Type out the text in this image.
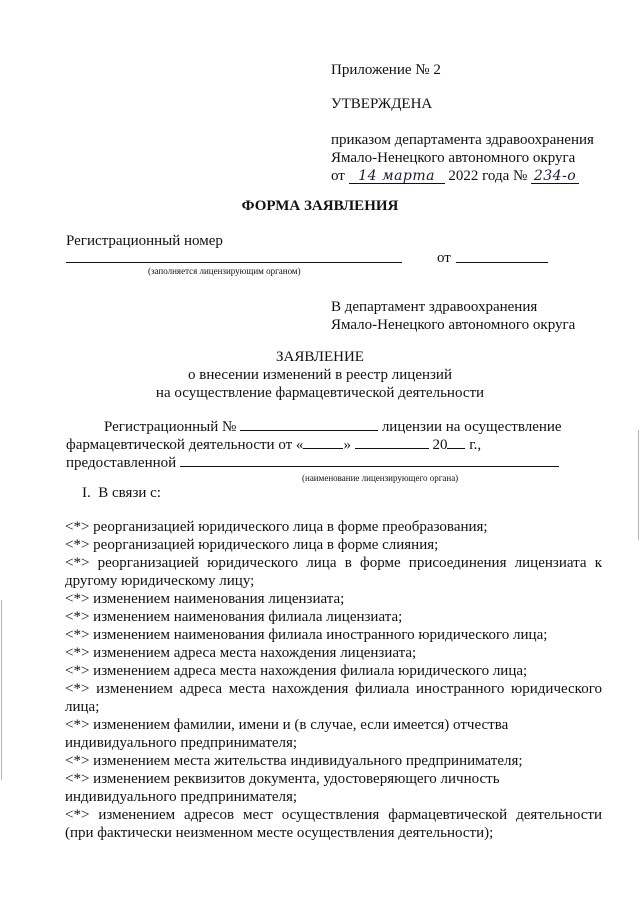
Приложение № 2
УТВЕРЖДЕНА
приказом департамента здравоохранения
Ямало-Ненецкого автономного округа
от 14 марта 2022 года № 234-о
ФОРМА ЗАЯВЛЕНИЯ
Регистрационный номер
от
(заполняется лицензирующим органом)
В департамент здравоохранения
Ямало-Ненецкого автономного округа
ЗАЯВЛЕНИЕ
о внесении изменений в реестр лицензий
на осуществление фармацевтической деятельности
Регистрационный №	лицензии на осуществление
фармацевтической деятельности от «	»	20 г.,
предоставленной
(наименование лицензирующего органа)
I.  В связи с:
<*> реорганизацией юридического лица в форме преобразования;
<*> реорганизацией юридического лица в форме слияния;
<*> реорганизацией юридического лица в форме присоединения лицензиата к
другому юридическому лицу;
<*> изменением наименования лицензиата;
<*> изменением наименования филиала лицензиата;
<*> изменением наименования филиала иностранного юридического лица;
<*> изменением адреса места нахождения лицензиата;
<*> изменением адреса места нахождения филиала юридического лица;
<*> изменением адреса места нахождения филиала иностранного юридического
лица;
<*> изменением фамилии, имени и (в случае, если имеется) отчества
индивидуального предпринимателя;
<*> изменением места жительства индивидуального предпринимателя;
<*> изменением реквизитов документа, удостоверяющего личность
индивидуального предпринимателя;
<*> изменением адресов мест осуществления фармацевтической деятельности
(при фактически неизменном месте осуществления деятельности);
